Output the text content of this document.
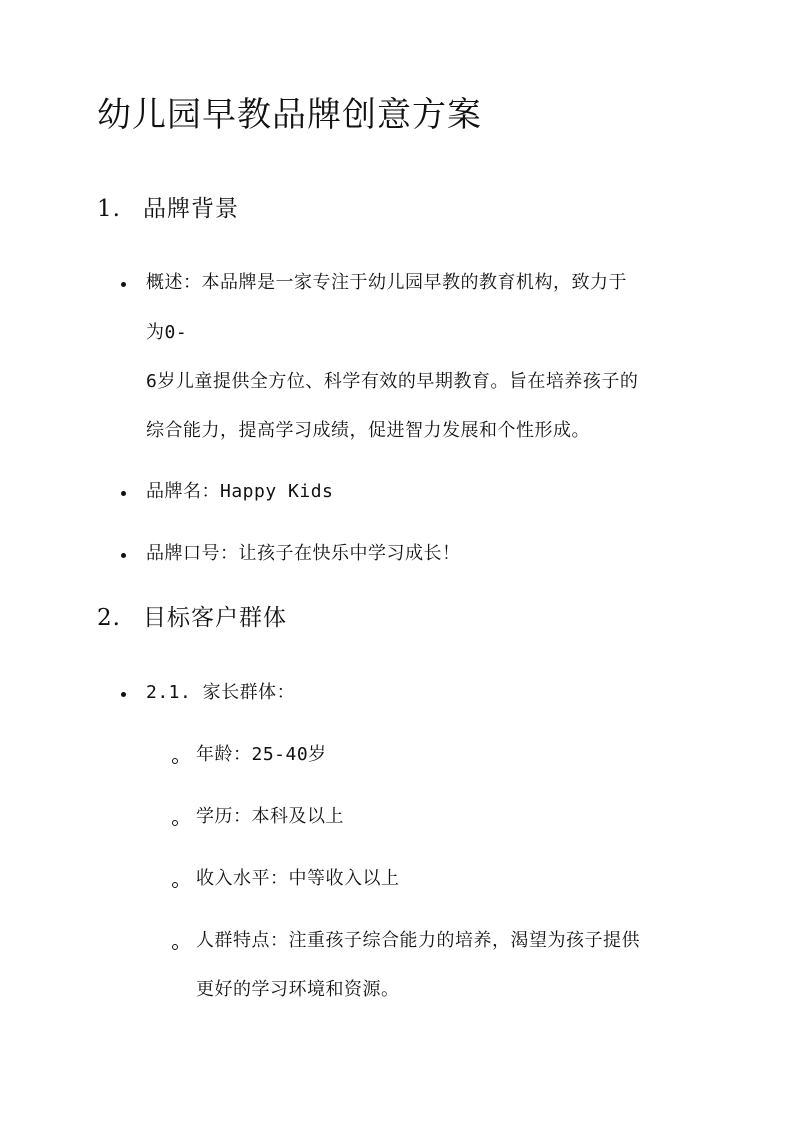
幼儿园早教品牌创意方案
1. 品牌背景
概述：本品牌是一家专注于幼儿园早教的教育机构，致力于
为0-
6岁儿童提供全方位、科学有效的早期教育。旨在培养孩子的
综合能力，提高学习成绩，促进智力发展和个性形成。
品牌名：Happy Kids
品牌口号：让孩子在快乐中学习成长！
2. 目标客户群体
2.1. 家长群体：
年龄：25-40岁
学历：本科及以上
收入水平：中等收入以上
人群特点：注重孩子综合能力的培养，渴望为孩子提供
更好的学习环境和资源。
